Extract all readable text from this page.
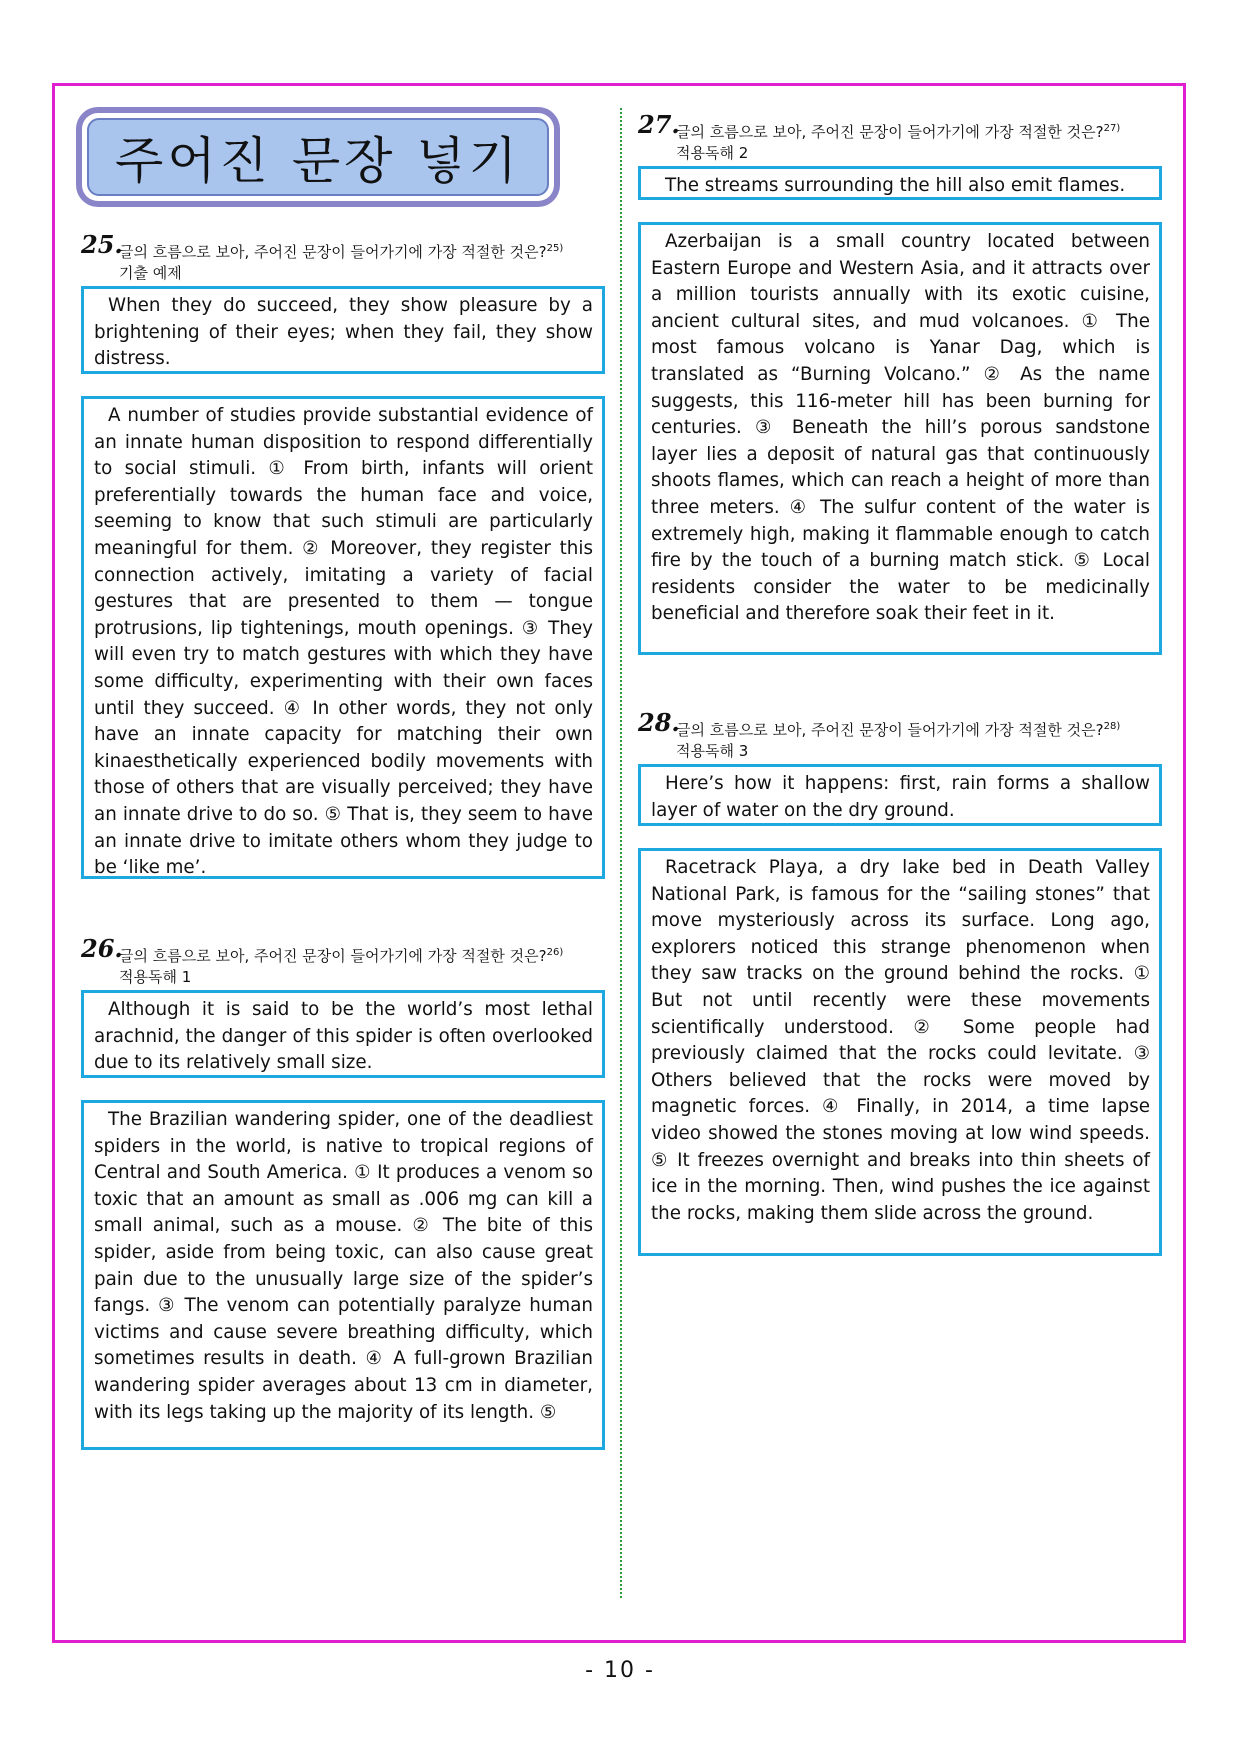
주어진 문장 넣기
25.
글의 흐름으로 보아, 주어진 문장이 들어가기에 가장 적절한 것은?$^{25)}$
기출 예제

When they do succeed, they show pleasure by a brightening of their eyes; when they fail, they show distress.

A number of studies provide substantial evidence of an innate human disposition to respond differentially to social stimuli. ① From birth, infants will orient preferentially towards the human face and voice, seeming to know that such stimuli are particularly meaningful for them. ② Moreover, they register this connection actively, imitating a variety of facial gestures that are presented to them — tongue protrusions, lip tightenings, mouth openings. ③ They will even try to match gestures with which they have some difficulty, experimenting with their own faces until they succeed. ④ In other words, they not only have an innate capacity for matching their own kinaesthetically experienced bodily movements with those of others that are visually perceived; they have an innate drive to do so. ⑤ That is, they seem to have an innate drive to imitate others whom they judge to be ‘like me’.

26.
글의 흐름으로 보아, 주어진 문장이 들어가기에 가장 적절한 것은?$^{26)}$
적용독해 1

Although it is said to be the world’s most lethal arachnid, the danger of this spider is often overlooked due to its relatively small size.

The Brazilian wandering spider, one of the deadliest spiders in the world, is native to tropical regions of Central and South America. ① It produces a venom so toxic that an amount as small as .006 mg can kill a small animal, such as a mouse. ② The bite of this spider, aside from being toxic, can also cause great pain due to the unusually large size of the spider’s fangs. ③ The venom can potentially paralyze human victims and cause severe breathing difficulty, which sometimes results in death. ④ A full-grown Brazilian wandering spider averages about 13 cm in diameter, with its legs taking up the majority of its length. ⑤

27.
글의 흐름으로 보아, 주어진 문장이 들어가기에 가장 적절한 것은?$^{27)}$
적용독해 2

The streams surrounding the hill also emit flames.

Azerbaijan is a small country located between Eastern Europe and Western Asia, and it attracts over a million tourists annually with its exotic cuisine, ancient cultural sites, and mud volcanoes. ① The most famous volcano is Yanar Dag, which is translated as “Burning Volcano.” ② As the name suggests, this 116-meter hill has been burning for centuries. ③ Beneath the hill’s porous sandstone layer lies a deposit of natural gas that continuously shoots flames, which can reach a height of more than three meters. ④ The sulfur content of the water is extremely high, making it flammable enough to catch fire by the touch of a burning match stick. ⑤ Local residents consider the water to be medicinally beneficial and therefore soak their feet in it.

28.
글의 흐름으로 보아, 주어진 문장이 들어가기에 가장 적절한 것은?$^{28)}$
적용독해 3

Here’s how it happens: first, rain forms a shallow layer of water on the dry ground.

Racetrack Playa, a dry lake bed in Death Valley National Park, is famous for the “sailing stones” that move mysteriously across its surface. Long ago, explorers noticed this strange phenomenon when they saw tracks on the ground behind the rocks. ① But not until recently were these movements scientifically understood. ② Some people had previously claimed that the rocks could levitate. ③ Others believed that the rocks were moved by magnetic forces. ④ Finally, in 2014, a time lapse video showed the stones moving at low wind speeds. ⑤ It freezes overnight and breaks into thin sheets of ice in the morning. Then, wind pushes the ice against the rocks, making them slide across the ground.

- 10 -
